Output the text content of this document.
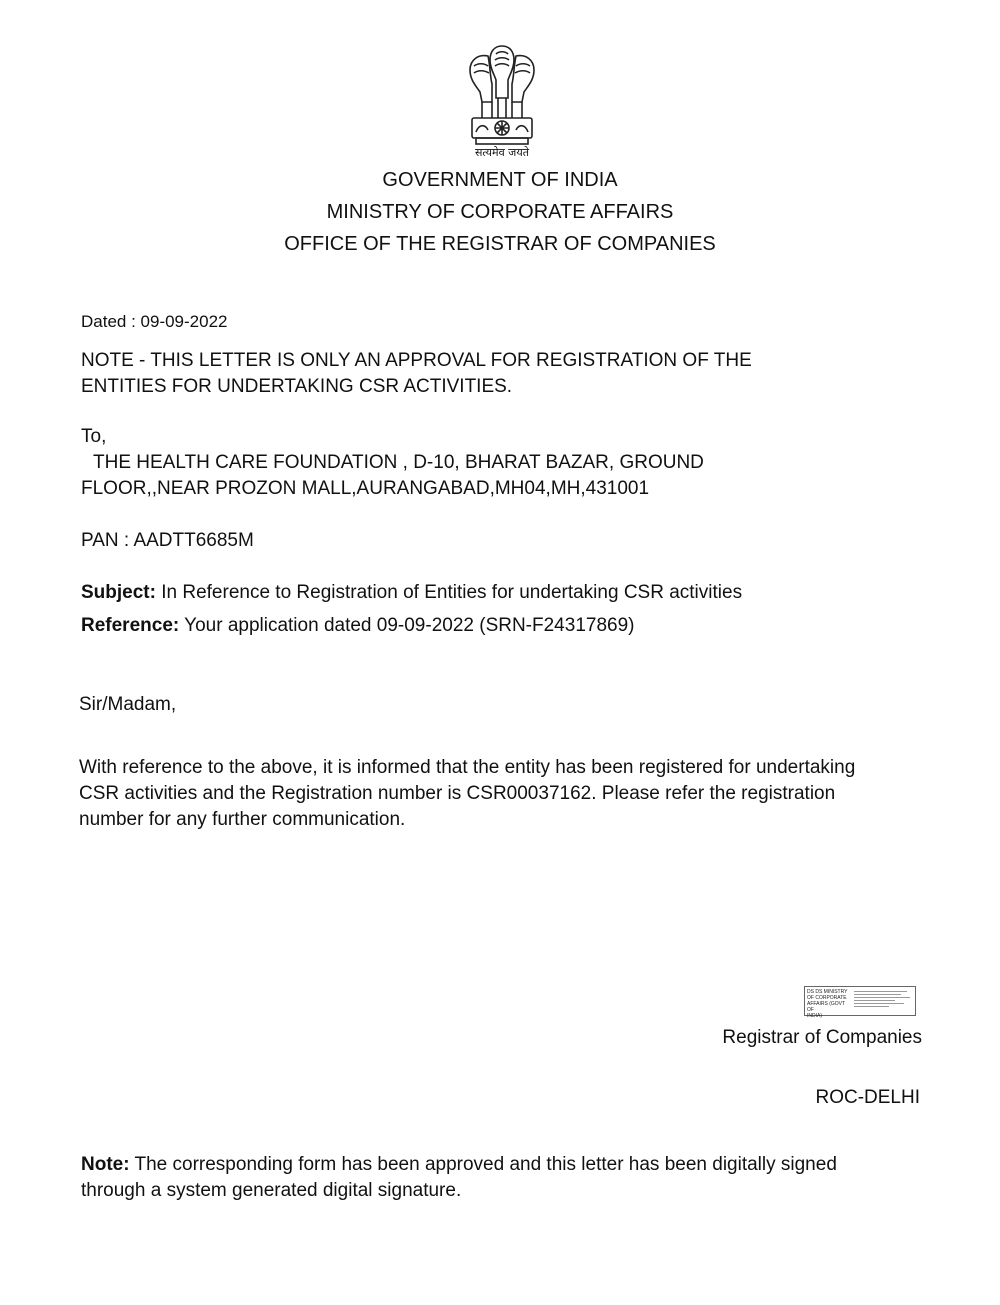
सत्यमेव जयते
GOVERNMENT OF INDIA
MINISTRY OF CORPORATE AFFAIRS
OFFICE OF THE REGISTRAR OF COMPANIES
Dated : 09-09-2022
NOTE - THIS LETTER IS ONLY AN APPROVAL FOR REGISTRATION OF THE
ENTITIES FOR UNDERTAKING CSR ACTIVITIES.
To,
THE HEALTH CARE FOUNDATION , D-10, BHARAT BAZAR, GROUND
FLOOR,,NEAR PROZON MALL,AURANGABAD,MH04,MH,431001
PAN : AADTT6685M
Subject: In Reference to Registration of Entities for undertaking CSR activities
Reference: Your application dated 09-09-2022 (SRN-F24317869)
Sir/Madam,
With reference to the above, it is informed that the entity has been registered for undertaking
CSR activities and the Registration number is CSR00037162. Please refer the registration
number for any further communication.
DS DS MINISTRY
OF CORPORATE
AFFAIRS (GOVT OF
INDIA)
Registrar of Companies
ROC-DELHI
Note: The corresponding form has been approved and this letter has been digitally signed
through a system generated digital signature.
